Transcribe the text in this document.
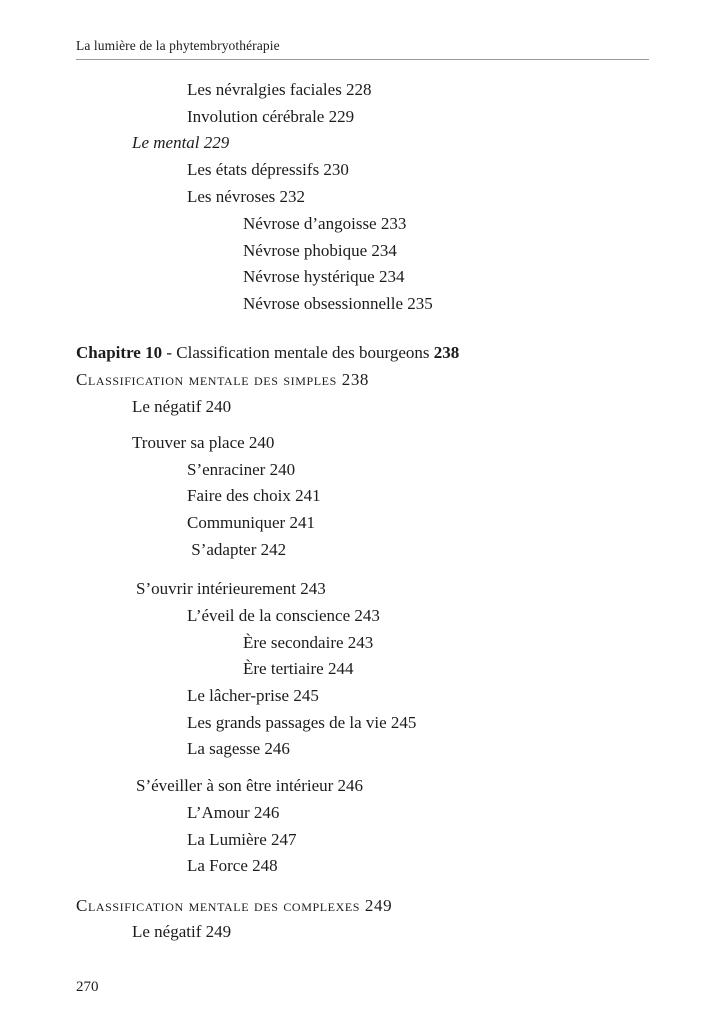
La lumière de la phytembryothérapie
Les névralgies faciales 228
Involution cérébrale 229
Le mental 229
Les états dépressifs 230
Les névroses 232
Névrose d’angoisse 233
Névrose phobique 234
Névrose hystérique 234
Névrose obsessionnelle 235
Chapitre 10 - Classification mentale des bourgeons 238
Classification mentale des simples 238
Le négatif 240
Trouver sa place 240
S’enraciner 240
Faire des choix 241
Communiquer 241
S’adapter 242
S’ouvrir intérieurement 243
L’éveil de la conscience 243
Ère secondaire 243
Ère tertiaire 244
Le lâcher-prise 245
Les grands passages de la vie 245
La sagesse 246
S’éveiller à son être intérieur 246
L’Amour 246
La Lumière 247
La Force 248
Classification mentale des complexes 249
Le négatif 249
270
